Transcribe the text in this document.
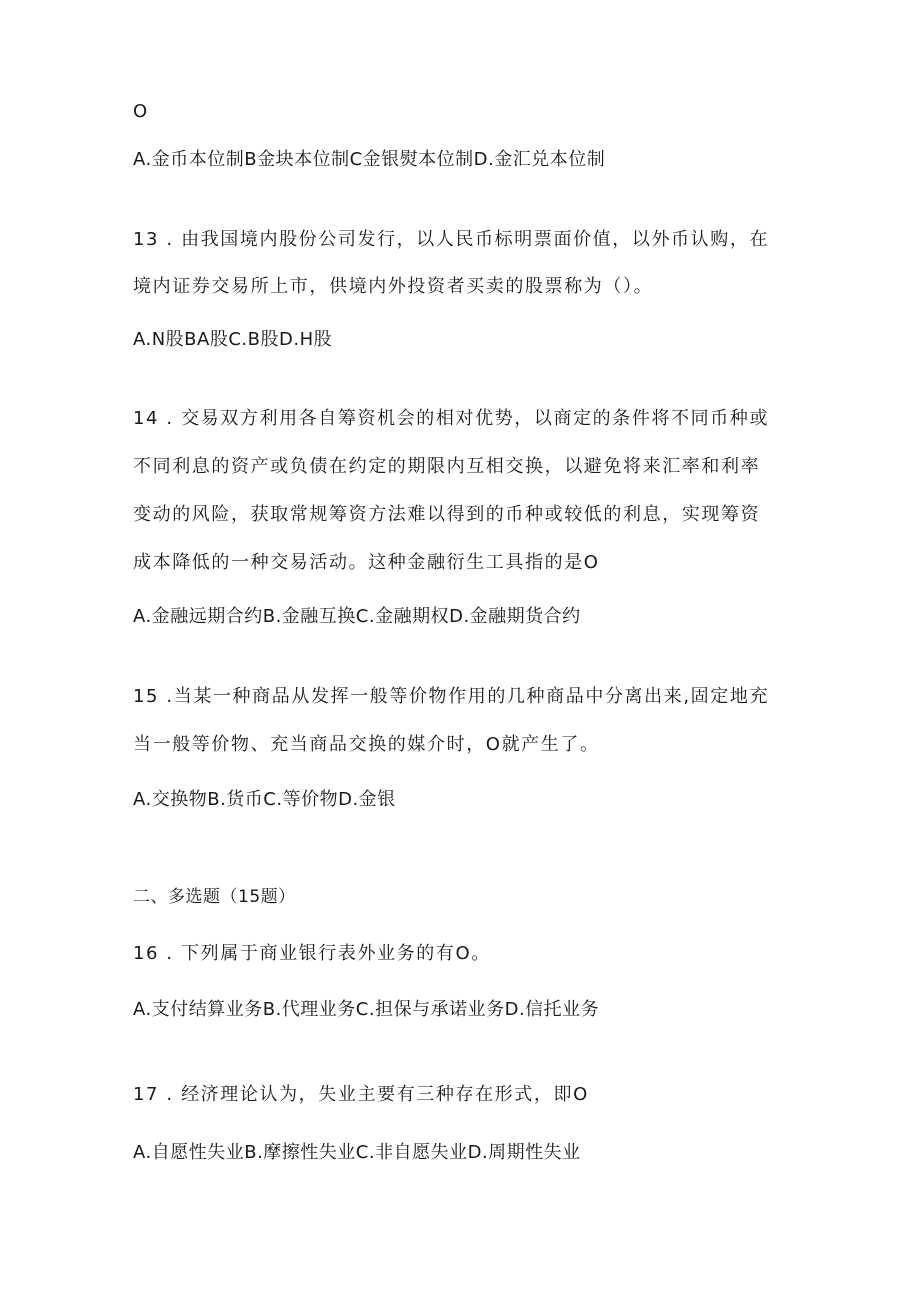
O
A.金币本位制B金块本位制C金银熨本位制D.金汇兑本位制
13 . 由我国境内股份公司发行，以人民币标明票面价值，以外币认购，在
境内证券交易所上市，供境内外投资者买卖的股票称为（）。
A.N股BA股C.B股D.H股
14 . 交易双方利用各自筹资机会的相对优势，以商定的条件将不同币种或
不同利息的资产或负债在约定的期限内互相交换，以避免将来汇率和利率
变动的风险，获取常规筹资方法难以得到的币种或较低的利息，实现筹资
成本降低的一种交易活动。这种金融衍生工具指的是O
A.金融远期合约B.金融互换C.金融期权D.金融期货合约
15 .当某一种商品从发挥一般等价物作用的几种商品中分离出来,固定地充
当一般等价物、充当商品交换的媒介时，O就产生了。
A.交换物B.货币C.等价物D.金银
二、多选题（15题）
16 . 下列属于商业银行表外业务的有O。
A.支付结算业务B.代理业务C.担保与承诺业务D.信托业务
17 . 经济理论认为，失业主要有三种存在形式，即O
A.自愿性失业B.摩擦性失业C.非自愿失业D.周期性失业
